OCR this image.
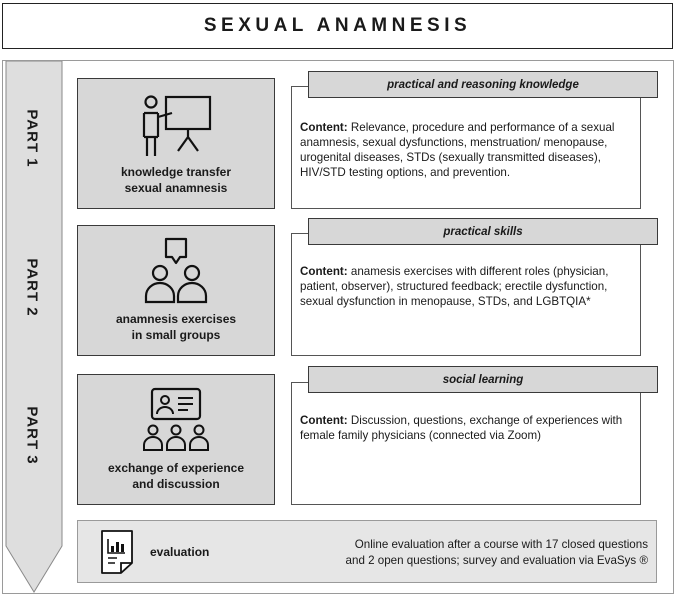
SEXUAL ANAMNESIS
PART 1
PART 2
PART 3
knowledge transfer
sexual anamnesis
Content: Relevance, procedure and performance of a sexual anamnesis, sexual dysfunctions, menstruation/ menopause, urogenital diseases, STDs (sexually transmitted diseases), HIV/STD testing options, and prevention.
practical and reasoning knowledge
anamnesis exercises
in small groups
Content: anamesis exercises with different roles (physician, patient, observer), structured feedback; erectile dysfunction, sexual dysfunction in menopause, STDs, and LGBTQIA*
practical skills
exchange of experience
and discussion
Content: Discussion, questions, exchange of experiences with female family physicians (connected via Zoom)
social learning
evaluation
Online evaluation after a course with 17 closed questions
and 2 open questions; survey and evaluation via EvaSys ®
